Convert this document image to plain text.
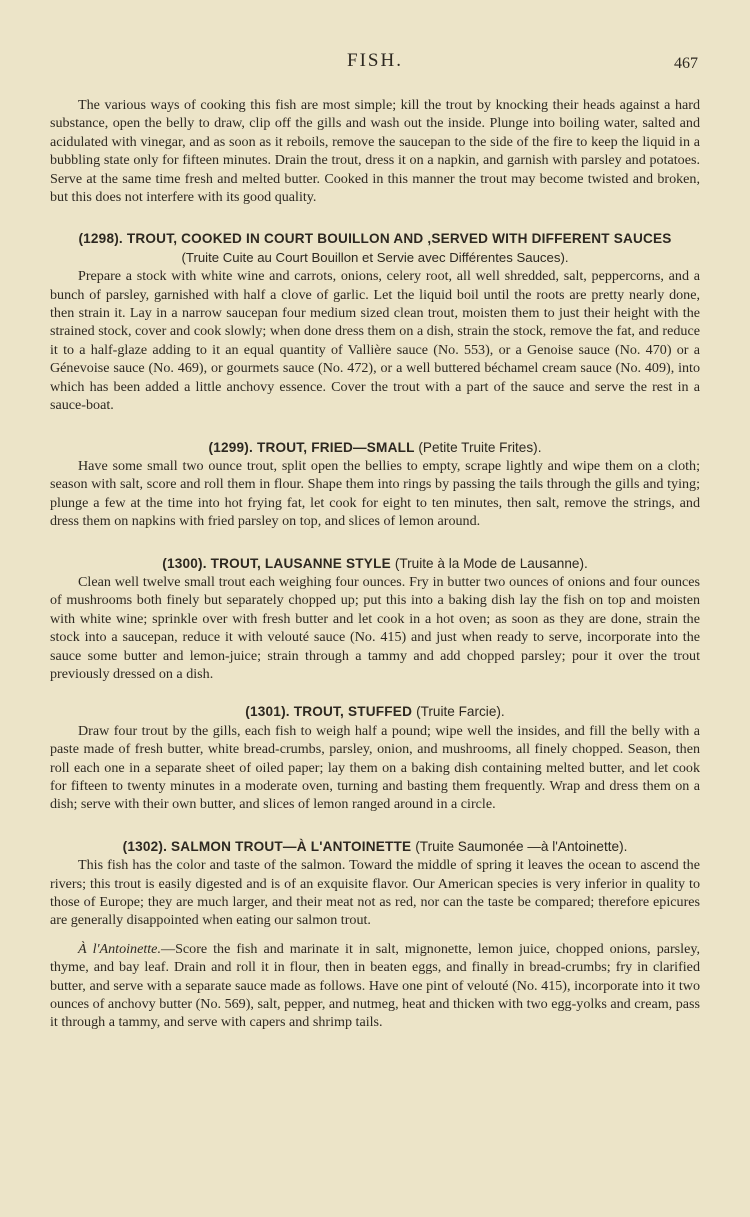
FISH.	467

The various ways of cooking this fish are most simple; kill the trout by knocking their heads against a hard substance, open the belly to draw, clip off the gills and wash out the inside. Plunge into boiling water, salted and acidulated with vinegar, and as soon as it reboils, remove the saucepan to the side of the fire to keep the liquid in a bubbling state only for fifteen minutes. Drain the trout, dress it on a napkin, and garnish with parsley and potatoes. Serve at the same time fresh and melted butter. Cooked in this manner the trout may become twisted and broken, but this does not interfere with its good quality.

(1298). TROUT, COOKED IN COURT BOUILLON AND ,SERVED WITH DIFFERENT SAUCES

(Truite Cuite au Court Bouillon et Servie avec Différentes Sauces).

Prepare a stock with white wine and carrots, onions, celery root, all well shredded, salt, peppercorns, and a bunch of parsley, garnished with half a clove of garlic. Let the liquid boil until the roots are pretty nearly done, then strain it. Lay in a narrow saucepan four medium sized clean trout, moisten them to just their height with the strained stock, cover and cook slowly; when done dress them on a dish, strain the stock, remove the fat, and reduce it to a half-glaze adding to it an equal quantity of Vallière sauce (No. 553), or a Genoise sauce (No. 470) or a Génevoise sauce (No. 469), or gourmets sauce (No. 472), or a well buttered béchamel cream sauce (No. 409), into which has been added a little anchovy essence. Cover the trout with a part of the sauce and serve the rest in a sauce-boat.

(1299). TROUT, FRIED—SMALL (Petite Truite Frites).

Have some small two ounce trout, split open the bellies to empty, scrape lightly and wipe them on a cloth; season with salt, score and roll them in flour. Shape them into rings by passing the tails through the gills and tying; plunge a few at the time into hot frying fat, let cook for eight to ten minutes, then salt, remove the strings, and dress them on napkins with fried parsley on top, and slices of lemon around.

(1300). TROUT, LAUSANNE STYLE (Truite à la Mode de Lausanne).

Clean well twelve small trout each weighing four ounces. Fry in butter two ounces of onions and four ounces of mushrooms both finely but separately chopped up; put this into a baking dish lay the fish on top and moisten with white wine; sprinkle over with fresh butter and let cook in a hot oven; as soon as they are done, strain the stock into a saucepan, reduce it with velouté sauce (No. 415) and just when ready to serve, incorporate into the sauce some butter and lemon-juice; strain through a tammy and add chopped parsley; pour it over the trout previously dressed on a dish.

(1301). TROUT, STUFFED (Truite Farcie).

Draw four trout by the gills, each fish to weigh half a pound; wipe well the insides, and fill the belly with a paste made of fresh butter, white bread-crumbs, parsley, onion, and mushrooms, all finely chopped. Season, then roll each one in a separate sheet of oiled paper; lay them on a baking dish containing melted butter, and let cook for fifteen to twenty minutes in a moderate oven, turning and basting them frequently. Wrap and dress them on a dish; serve with their own butter, and slices of lemon ranged around in a circle.

(1302). SALMON TROUT—À L'ANTOINETTE (Truite Saumonée —à l'Antoinette).

This fish has the color and taste of the salmon. Toward the middle of spring it leaves the ocean to ascend the rivers; this trout is easily digested and is of an exquisite flavor. Our American species is very inferior in quality to those of Europe; they are much larger, and their meat not as red, nor can the taste be compared; therefore epicures are generally disappointed when eating our salmon trout.

À l'Antoinette.—Score the fish and marinate it in salt, mignonette, lemon juice, chopped onions, parsley, thyme, and bay leaf. Drain and roll it in flour, then in beaten eggs, and finally in bread-crumbs; fry in clarified butter, and serve with a separate sauce made as follows. Have one pint of velouté (No. 415), incorporate into it two ounces of anchovy butter (No. 569), salt, pepper, and nutmeg, heat and thicken with two egg-yolks and cream, pass it through a tammy, and serve with capers and shrimp tails.
